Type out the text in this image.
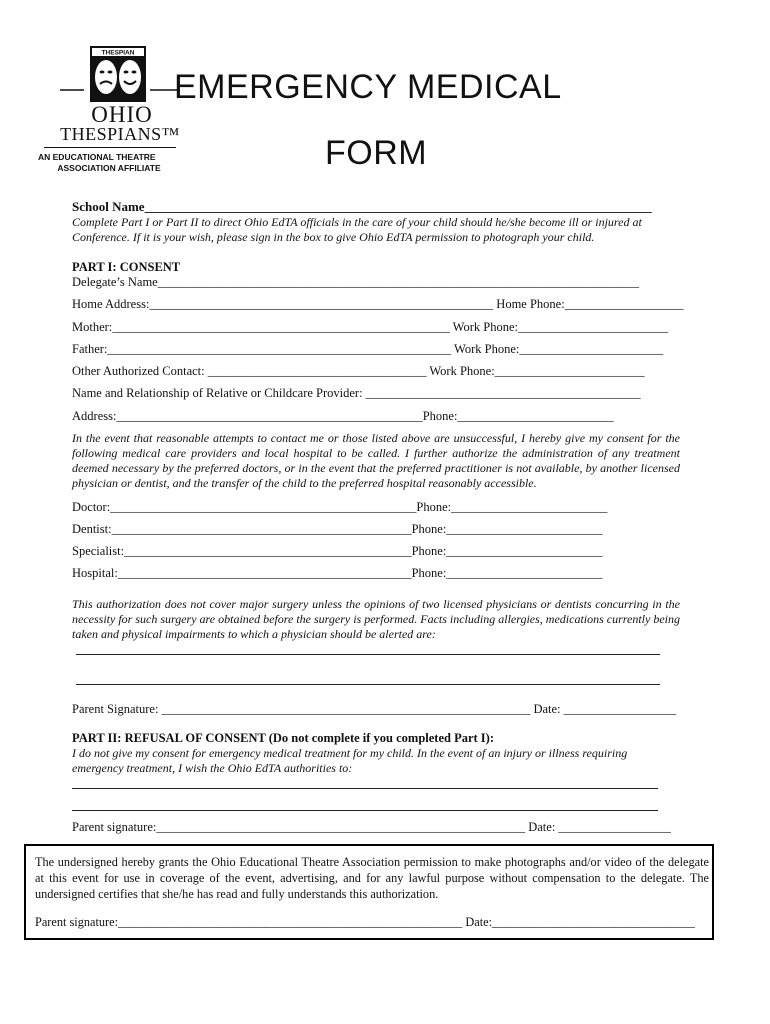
THESPIAN
OHIO
THESPIANS™
AN EDUCATIONAL THEATRE
ASSOCIATION AFFILIATE
EMERGENCY MEDICAL
FORM
School Name______________________________________________________________________________
Complete Part I or Part II to direct Ohio EdTA officials in the care of your child should he/she become ill or injured at Conference. If it is your wish, please sign in the box to give Ohio EdTA permission to photograph your child.
PART I: CONSENT
Delegate’s Name_____________________________________________________________________________
Home Address:_______________________________________________________ Home Phone:___________________
Mother:______________________________________________________ Work Phone:________________________
Father:_______________________________________________________ Work Phone:_______________________
Other Authorized Contact: ___________________________________ Work Phone:________________________
Name and Relationship of Relative or Childcare Provider: ____________________________________________
Address:_________________________________________________Phone:_________________________
In the event that reasonable attempts to contact me or those listed above are unsuccessful, I hereby give my consent for the following medical care providers and local hospital to be called. I further authorize the administration of any treatment deemed necessary by the preferred doctors, or in the event that the preferred practitioner is not available, by another licensed physician or dentist, and the transfer of the child to the preferred hospital reasonably accessible.
Doctor:_________________________________________________Phone:_________________________
Dentist:________________________________________________Phone:_________________________
Specialist:______________________________________________Phone:_________________________
Hospital:_______________________________________________Phone:_________________________
This authorization does not cover major surgery unless the opinions of two licensed physicians or dentists concurring in the necessity for such surgery are obtained before the surgery is performed. Facts including allergies, medications currently being taken and physical impairments to which a physician should be alerted are:
Parent Signature: ___________________________________________________________ Date: __________________
PART II: REFUSAL OF CONSENT (Do not complete if you completed Part I):
I do not give my consent for emergency medical treatment for my child. In the event of an injury or illness requiring emergency treatment, I wish the Ohio EdTA authorities to:
Parent signature:___________________________________________________________ Date: __________________
The undersigned hereby grants the Ohio Educational Theatre Association permission to make photographs and/or video of the delegate at this event for use in coverage of the event, advertising, and for any lawful purpose without compensation to the delegate. The undersigned certifies that she/he has read and fully understands this authorization.
Parent signature:________________________________________________________ Date:_________________________________
